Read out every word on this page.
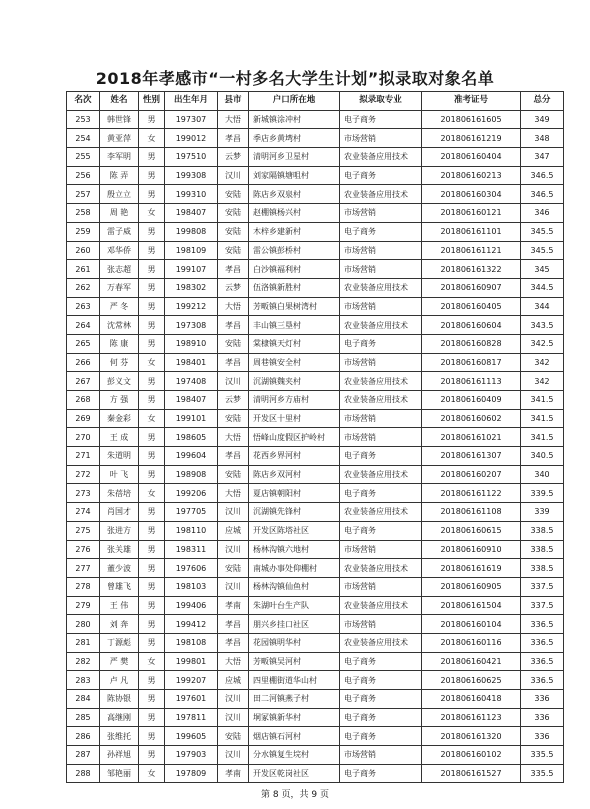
2018年孝感市“一村多名大学生计划”拟录取对象名单
名次	姓名	性别	出生年月	县市	户口所在地	拟录取专业	准考证号	总分
253	韩世锋	男	197307	大悟	新城镇涂冲村	电子商务	201806161605	349
254	黄亚萍	女	199012	孝昌	季店乡黄塆村	市场营销	201806161219	348
255	李军明	男	197510	云梦	清明河乡卫星村	农业装备应用技术	201806160404	347
256	陈 弄	男	199308	汉川	刘家隔镇塘咀村	电子商务	201806160213	346.5
257	殷立立	男	199310	安陆	陈店乡双泉村	农业装备应用技术	201806160304	346.5
258	周 艳	女	198407	安陆	赵棚镇杨兴村	市场营销	201806160121	346
259	雷子威	男	199808	安陆	木梓乡建新村	电子商务	201806161101	345.5
260	邓华侨	男	198109	安陆	雷公镇彭桥村	市场营销	201806161121	345.5
261	张志超	男	199107	孝昌	白沙镇福利村	市场营销	201806161322	345
262	万春军	男	198302	云梦	伍洛镇新胜村	农业装备应用技术	201806160907	344.5
263	严 冬	男	199212	大悟	芳畈镇白果树湾村	市场营销	201806160405	344
264	沈常林	男	197308	孝昌	丰山镇三垦村	农业装备应用技术	201806160604	343.5
265	陈 康	男	198910	安陆	棠棣镇天灯村	电子商务	201806160828	342.5
266	何 芬	女	198401	孝昌	周巷镇安全村	市场营销	201806160817	342
267	彭义文	男	197408	汉川	沉湖镇魏夹村	农业装备应用技术	201806161113	342
268	方 强	男	198407	云梦	清明河乡方庙村	农业装备应用技术	201806160409	341.5
269	秦金彩	女	199101	安陆	开发区十里村	市场营销	201806160602	341.5
270	王 成	男	198605	大悟	悟峰山度假区护岭村	市场营销	201806161021	341.5
271	朱道明	男	199604	孝昌	花西乡界河村	电子商务	201806161307	340.5
272	叶 飞	男	198908	安陆	陈店乡双河村	农业装备应用技术	201806160207	340
273	朱蓓培	女	199206	大悟	夏店镇朝阳村	电子商务	201806161122	339.5
274	肖国才	男	197705	汉川	沉湖镇先锋村	农业装备应用技术	201806161108	339
275	张进方	男	198110	应城	开发区陈塔社区	电子商务	201806160615	338.5
276	张关雄	男	198311	汉川	杨林沟镇六地村	市场营销	201806160910	338.5
277	董少波	男	197606	安陆	南城办事处仰棚村	农业装备应用技术	201806161619	338.5
278	曾雄飞	男	198103	汉川	杨林沟镇仙鱼村	市场营销	201806160905	337.5
279	王 伟	男	199406	孝南	朱湖叶台生产队	农业装备应用技术	201806161504	337.5
280	刘 奔	男	199412	孝昌	朋兴乡挂口社区	市场营销	201806160104	336.5
281	丁源彪	男	198108	孝昌	花园镇明华村	农业装备应用技术	201806160116	336.5
282	严 樊	女	199801	大悟	芳畈镇吴河村	电子商务	201806160421	336.5
283	卢 凡	男	199207	应城	四里棚街道华山村	电子商务	201806160625	336.5
284	陈协银	男	197601	汉川	田二河镇燕子村	电子商务	201806160418	336
285	高继刚	男	197811	汉川	垌冢镇新华村	电子商务	201806161123	336
286	张维托	男	199605	安陆	烟店镇石河村	电子商务	201806161320	336
287	孙祥旭	男	197903	汉川	分水镇复生垸村	市场营销	201806160102	335.5
288	邹艳丽	女	197809	孝南	开发区乾岗社区	电子商务	201806161527	335.5
第 8 页，共 9 页
